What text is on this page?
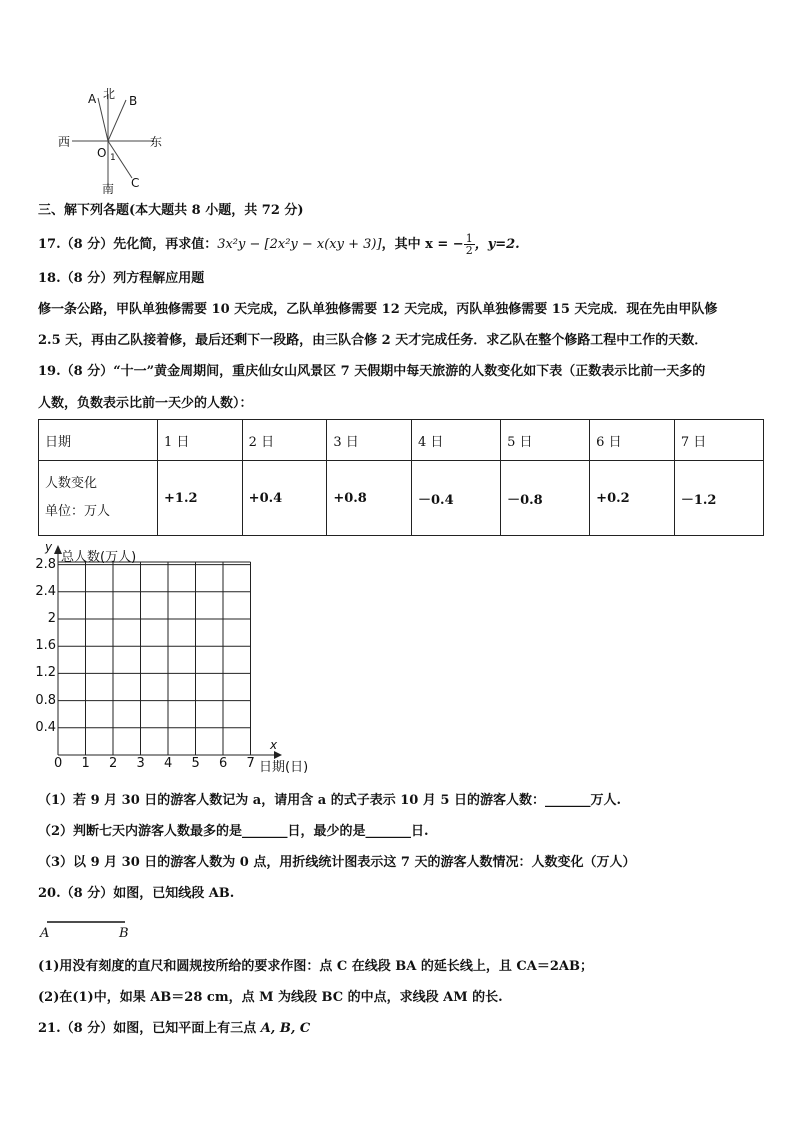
北
A	B
西	东
O 1
C
南
三、解下列各题(本大题共 8 小题，共 72 分)
17.（8 分）先化简，再求值：3x²y − [2x²y − x(xy + 3)]，其中 x = − $\frac{1}{2}$ ，y=2.
18.（8 分）列方程解应用题
修一条公路，甲队单独修需要 10 天完成，乙队单独修需要 12 天完成，丙队单独修需要 15 天完成．现在先由甲队修
2.5 天，再由乙队接着修，最后还剩下一段路，由三队合修 2 天才完成任务．求乙队在整个修路工程中工作的天数．
19.（8 分）“十一”黄金周期间，重庆仙女山风景区 7 天假期中每天旅游的人数变化如下表（正数表示比前一天多的
人数，负数表示比前一天少的人数）：
日期	1 日	2 日	3 日	4 日	5 日	6 日	7 日
人数变化
单位：万人	+1.2	+0.4	+0.8	－0.4	－0.8	+0.2	－1.2
y
总人数(万人)
x
日期(日)
2.8
2.4
2
1.6
1.2
0.8
0.4
0 1 2 3 4 5 6 7
（1）若 9 月 30 日的游客人数记为 a，请用含 a 的式子表示 10 月 5 日的游客人数：_______万人.
（2）判断七天内游客人数最多的是_______日，最少的是_______日.
（3）以 9 月 30 日的游客人数为 0 点，用折线统计图表示这 7 天的游客人数情况：人数变化（万人）
20.（8 分）如图，已知线段 AB.
A	B
(1)用没有刻度的直尺和圆规按所给的要求作图：点 C 在线段 BA 的延长线上，且 CA＝2AB；
(2)在(1)中，如果 AB＝28 cm，点 M 为线段 BC 的中点，求线段 AM 的长.
21.（8 分）如图，已知平面上有三点 A, B, C
